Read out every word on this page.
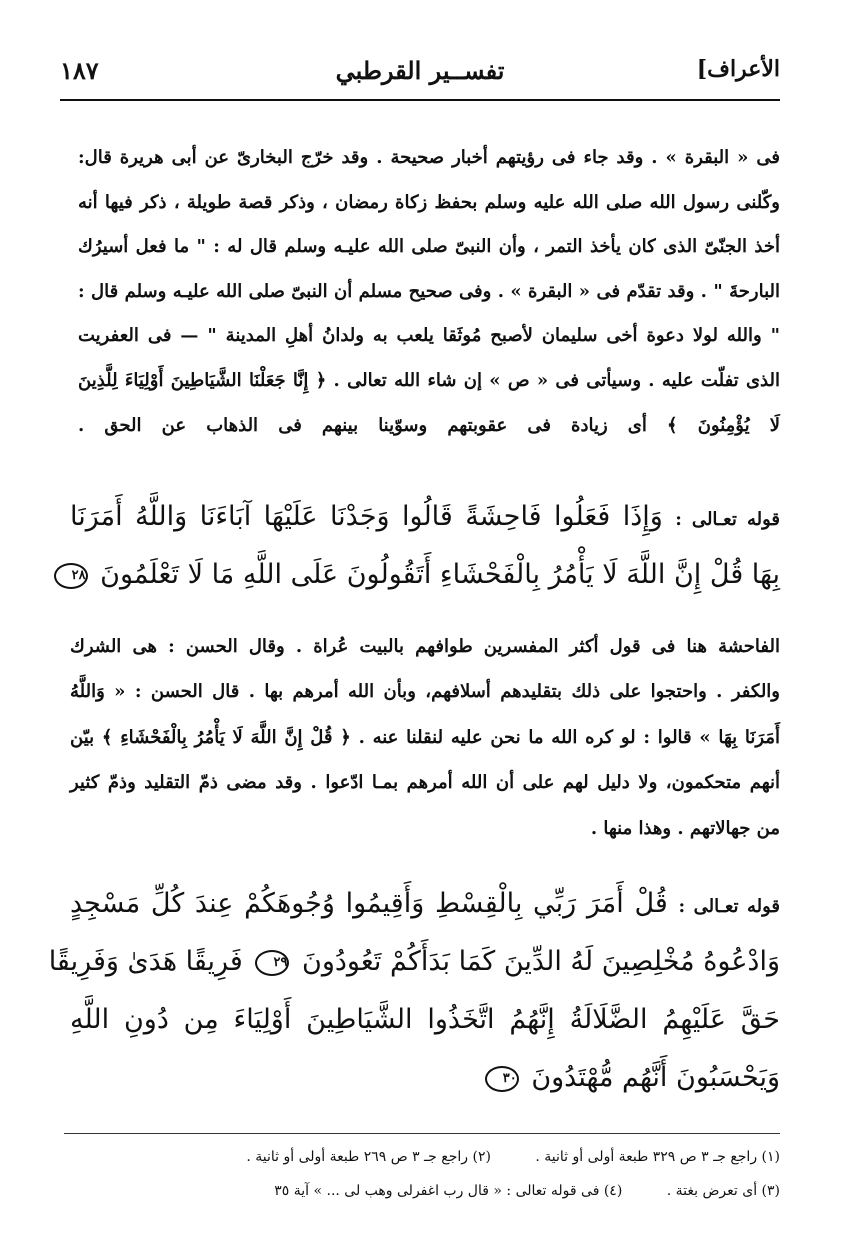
الأعراف]
تفســير القرطبي
١٨٧
فى « البقرة » . وقد جاء فى رؤيتهم أخبار صحيحة . وقد خرّج البخارىّ عن أبى هريرة قال:
وكّلنى رسول الله صلى الله عليه وسلم بحفظ زكاة رمضان ، وذكر قصة طويلة ، ذكر فيها أنه
أخذ الجنّىّ الذى كان يأخذ التمر ، وأن النبىّ صلى الله عليـه وسلم قال له : " ما فعل أسيرُك
البارحةَ " . وقد تقدّم فى « البقرة » . وفى صحيح مسلم أن النبىّ صلى الله عليـه وسلم قال :
" والله لولا دعوة أخى سليمان لأصبح مُوثَقا يلعب به ولدانُ أهلِ المدينة " — فى العفريت
الذى تفلّت عليه . وسيأتى فى « ص » إن شاء الله تعالى . ﴿ إِنَّا جَعَلْنَا الشَّيَاطِينَ أَوْلِيَاءَ لِلَّذِينَ
لَا يُؤْمِنُونَ ﴾ أى زيادة فى عقوبتهم وسوّينا بينهم فى الذهاب عن الحق .
قوله تعـالى : وَإِذَا فَعَلُوا فَاحِشَةً قَالُوا وَجَدْنَا عَلَيْهَا آبَاءَنَا وَاللَّهُ أَمَرَنَا
بِهَا قُلْ إِنَّ اللَّهَ لَا يَأْمُرُ بِالْفَحْشَاءِ أَتَقُولُونَ عَلَى اللَّهِ مَا لَا تَعْلَمُونَ ٢٨
الفاحشة هنا فى قول أكثر المفسرين طوافهم بالبيت عُراة . وقال الحسن : هى الشرك
والكفر . واحتجوا على ذلك بتقليدهم أسلافهم، وبأن الله أمرهم بها . قال الحسن : « وَاللَّهُ
أَمَرَنَا بِهَا » قالوا : لو كره الله ما نحن عليه لنقلنا عنه . ﴿ قُلْ إِنَّ اللَّهَ لَا يَأْمُرُ بِالْفَحْشَاءِ ﴾ بيّن
أنهم متحكمون، ولا دليل لهم على أن الله أمرهم بمـا ادّعوا . وقد مضى ذمّ التقليد وذمّ كثير
من جهالاتهم . وهذا منها .
قوله تعـالى : قُلْ أَمَرَ رَبِّي بِالْقِسْطِ وَأَقِيمُوا وُجُوهَكُمْ عِندَ كُلِّ مَسْجِدٍ
وَادْعُوهُ مُخْلِصِينَ لَهُ الدِّينَ كَمَا بَدَأَكُمْ تَعُودُونَ ٢٩ فَرِيقًا هَدَىٰ وَفَرِيقًا
حَقَّ عَلَيْهِمُ الضَّلَالَةُ إِنَّهُمُ اتَّخَذُوا الشَّيَاطِينَ أَوْلِيَاءَ مِن دُونِ اللَّهِ
وَيَحْسَبُونَ أَنَّهُم مُّهْتَدُونَ ٣٠
(١) راجع جـ ٣ ص ٣٢٩ طبعة أولى أو ثانية . (٢) راجع جـ ٣ ص ٢٦٩ طبعة أولى أو ثانية .
(٣) أى تعرض بغتة . (٤) فى قوله تعالى : « قال رب اغفرلى وهب لى ... » آية ٣٥
